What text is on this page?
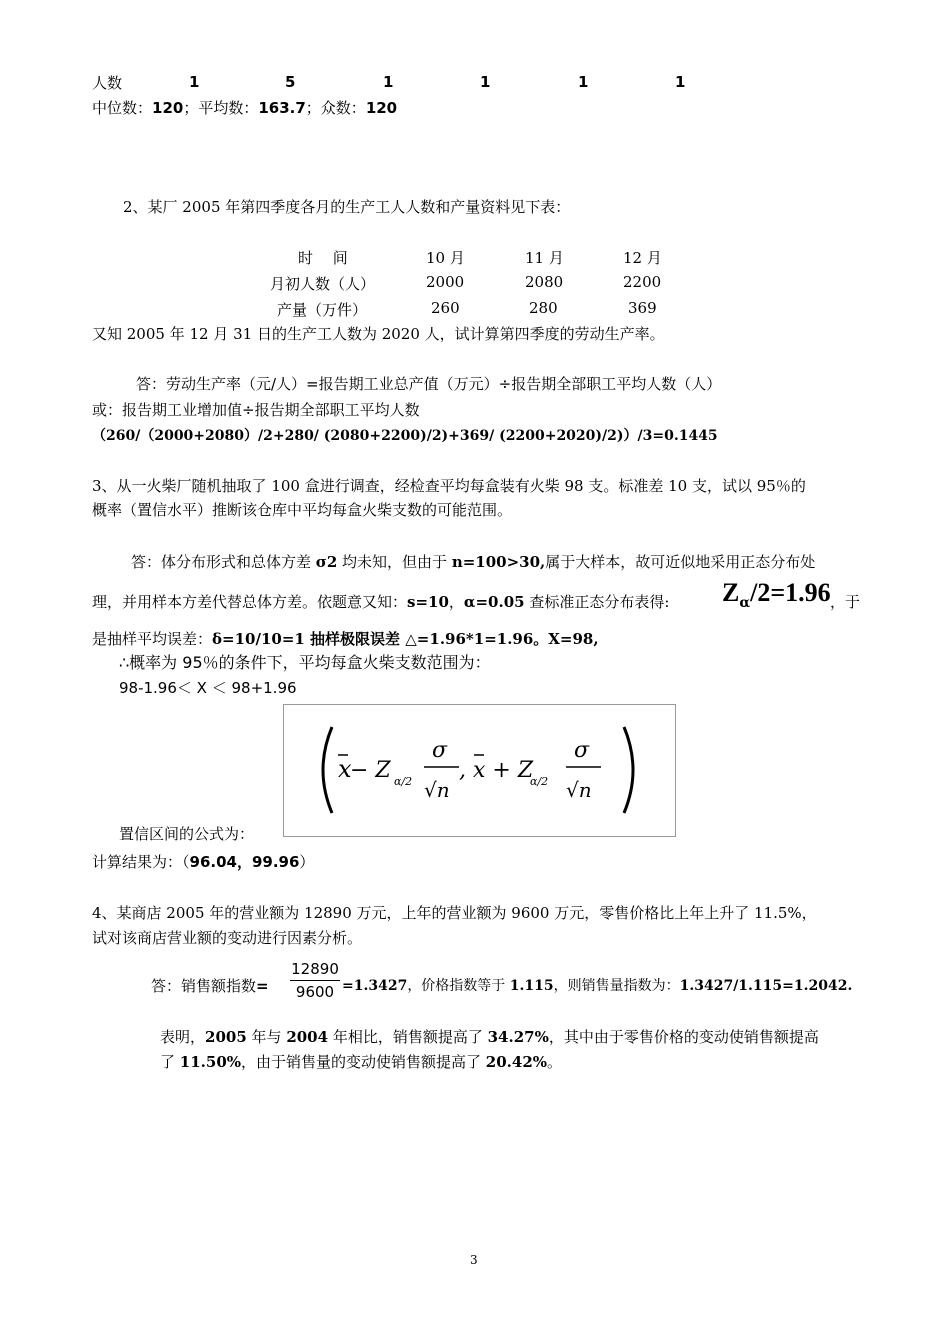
人数	1	5	1	1	1	1
中位数：120；平均数：163.7；众数：120
2、某厂 2005 年第四季度各月的生产工人人数和产量资料见下表：
时　 间	10 月	11 月	12 月
月初人数（人）	2000	2080	2200
产量（万件）	260	280	369
又知 2005 年 12 月 31 日的生产工人数为 2020 人，试计算第四季度的劳动生产率。
答：劳动生产率（元/人）=报告期工业总产值（万元）÷报告期全部职工平均人数（人）
或：报告期工业增加值÷报告期全部职工平均人数
（260/（2000+2080）/2+280/ (2080+2200)/2)+369/ (2200+2020)/2)）/3=0.1445
3、从一火柴厂随机抽取了 100 盒进行调查，经检查平均每盒装有火柴 98 支。标准差 10 支，试以 95％的
概率（置信水平）推断该仓库中平均每盒火柴支数的可能范围。
答：体分布形式和总体方差 σ2 均未知，但由于 n=100>30,属于大样本，故可近似地采用正态分布处
理，并用样本方差代替总体方差。依题意又知：s=10，α=0.05 查标准正态分布表得: Zα/2=1.96 ，于
是抽样平均误差：δ=10/10=1 抽样极限误差 △=1.96*1=1.96。X=98,
∴概率为 95％的条件下，平均每盒火柴支数范围为：
98-1.96＜ X ＜ 98+1.96
x
− Z α/2
σ
√n
, x + Z
α/2
σ
√n
置信区间的公式为：
计算结果为：（96.04，99.96）
4、某商店 2005 年的营业额为 12890 万元，上年的营业额为 9600 万元，零售价格比上年上升了 11.5%，
试对该商店营业额的变动进行因素分析。
答：销售额指数=
12890
9600 =1.3427，价格指数等于 1.115，则销售量指数为：1.3427/1.115=1.2042.
表明，2005 年与 2004 年相比，销售额提高了 34.27%，其中由于零售价格的变动使销售额提高
了 11.50%，由于销售量的变动使销售额提高了 20.42%。
3
